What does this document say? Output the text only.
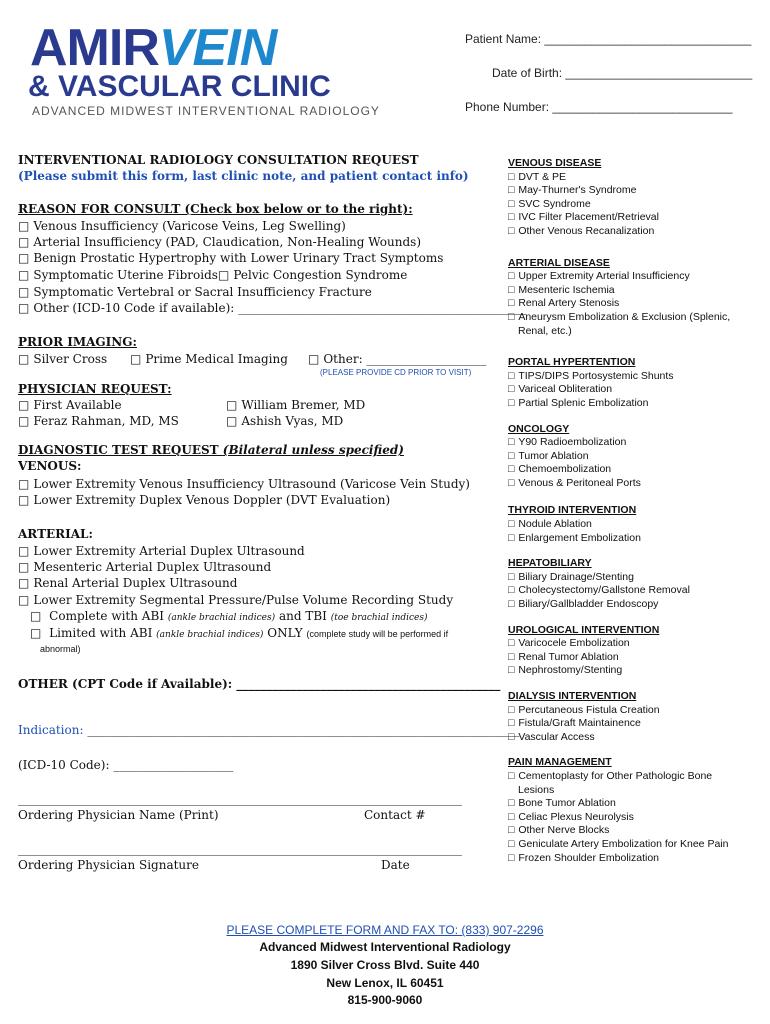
AMIRVEIN
& VASCULAR CLINIC
ADVANCED MIDWEST INTERVENTIONAL RADIOLOGY
Patient Name: _______________________________
Date of Birth: ____________________________
Phone Number: ___________________________
INTERVENTIONAL RADIOLOGY CONSULTATION REQUEST
(Please submit this form, last clinic note, and patient contact info)
REASON FOR CONSULT (Check box below or to the right):
□ Venous Insufficiency (Varicose Veins, Leg Swelling)
□ Arterial Insufficiency (PAD, Claudication, Non-Healing Wounds)
□ Benign Prostatic Hypertrophy with Lower Urinary Tract Symptoms
□ Symptomatic Uterine Fibroids	□ Pelvic Congestion Syndrome
□ Symptomatic Vertebral or Sacral Insufficiency Fracture
□ Other (ICD-10 Code if available): ________________________________________________
PRIOR IMAGING:
□ Silver Cross	□ Prime Medical Imaging	□ Other: ____________________
(PLEASE PROVIDE CD PRIOR TO VISIT)
PHYSICIAN REQUEST:
□ First Available	□ William Bremer, MD
□ Feraz Rahman, MD, MS	□ Ashish Vyas, MD
DIAGNOSTIC TEST REQUEST (Bilateral unless specified)
VENOUS:
□ Lower Extremity Venous Insufficiency Ultrasound (Varicose Vein Study)
□ Lower Extremity Duplex Venous Doppler (DVT Evaluation)
ARTERIAL:
□ Lower Extremity Arterial Duplex Ultrasound
□ Mesenteric Arterial Duplex Ultrasound
□ Renal Arterial Duplex Ultrasound
□ Lower Extremity Segmental Pressure/Pulse Volume Recording Study
□ Complete with ABI (ankle brachial indices) and TBI (toe brachial indices)
□ Limited with ABI (ankle brachial indices) ONLY (complete study will be performed if
abnormal)
OTHER (CPT Code if Available): ____________________________________________
Indication: ________________________________________________________________________
(ICD-10 Code): ____________________
__________________________________________________________________________
Ordering Physician Name (Print)	Contact #
__________________________________________________________________________
Ordering Physician Signature	Date
VENOUS DISEASE
□ DVT & PE
□ May-Thurner's Syndrome
□ SVC Syndrome
□ IVC Filter Placement/Retrieval
□ Other Venous Recanalization
ARTERIAL DISEASE
□ Upper Extremity Arterial Insufficiency
□ Mesenteric Ischemia
□ Renal Artery Stenosis
□ Aneurysm Embolization & Exclusion (Splenic,
Renal, etc.)
PORTAL HYPERTENTION
□ TIPS/DIPS Portosystemic Shunts
□ Variceal Obliteration
□ Partial Splenic Embolization
ONCOLOGY
□ Y90 Radioembolization
□ Tumor Ablation
□ Chemoembolization
□ Venous & Peritoneal Ports
THYROID INTERVENTION
□ Nodule Ablation
□ Enlargement Embolization
HEPATOBILIARY
□ Biliary Drainage/Stenting
□ Cholecystectomy/Gallstone Removal
□ Biliary/Gallbladder Endoscopy
UROLOGICAL INTERVENTION
□ Varicocele Embolization
□ Renal Tumor Ablation
□ Nephrostomy/Stenting
DIALYSIS INTERVENTION
□ Percutaneous Fistula Creation
□ Fistula/Graft Maintainence
□ Vascular Access
PAIN MANAGEMENT
□ Cementoplasty for Other Pathologic Bone
Lesions
□ Bone Tumor Ablation
□ Celiac Plexus Neurolysis
□ Other Nerve Blocks
□ Geniculate Artery Embolization for Knee Pain
□ Frozen Shoulder Embolization
PLEASE COMPLETE FORM AND FAX TO: (833) 907-2296
Advanced Midwest Interventional Radiology
1890 Silver Cross Blvd. Suite 440
New Lenox, IL 60451
815-900-9060
